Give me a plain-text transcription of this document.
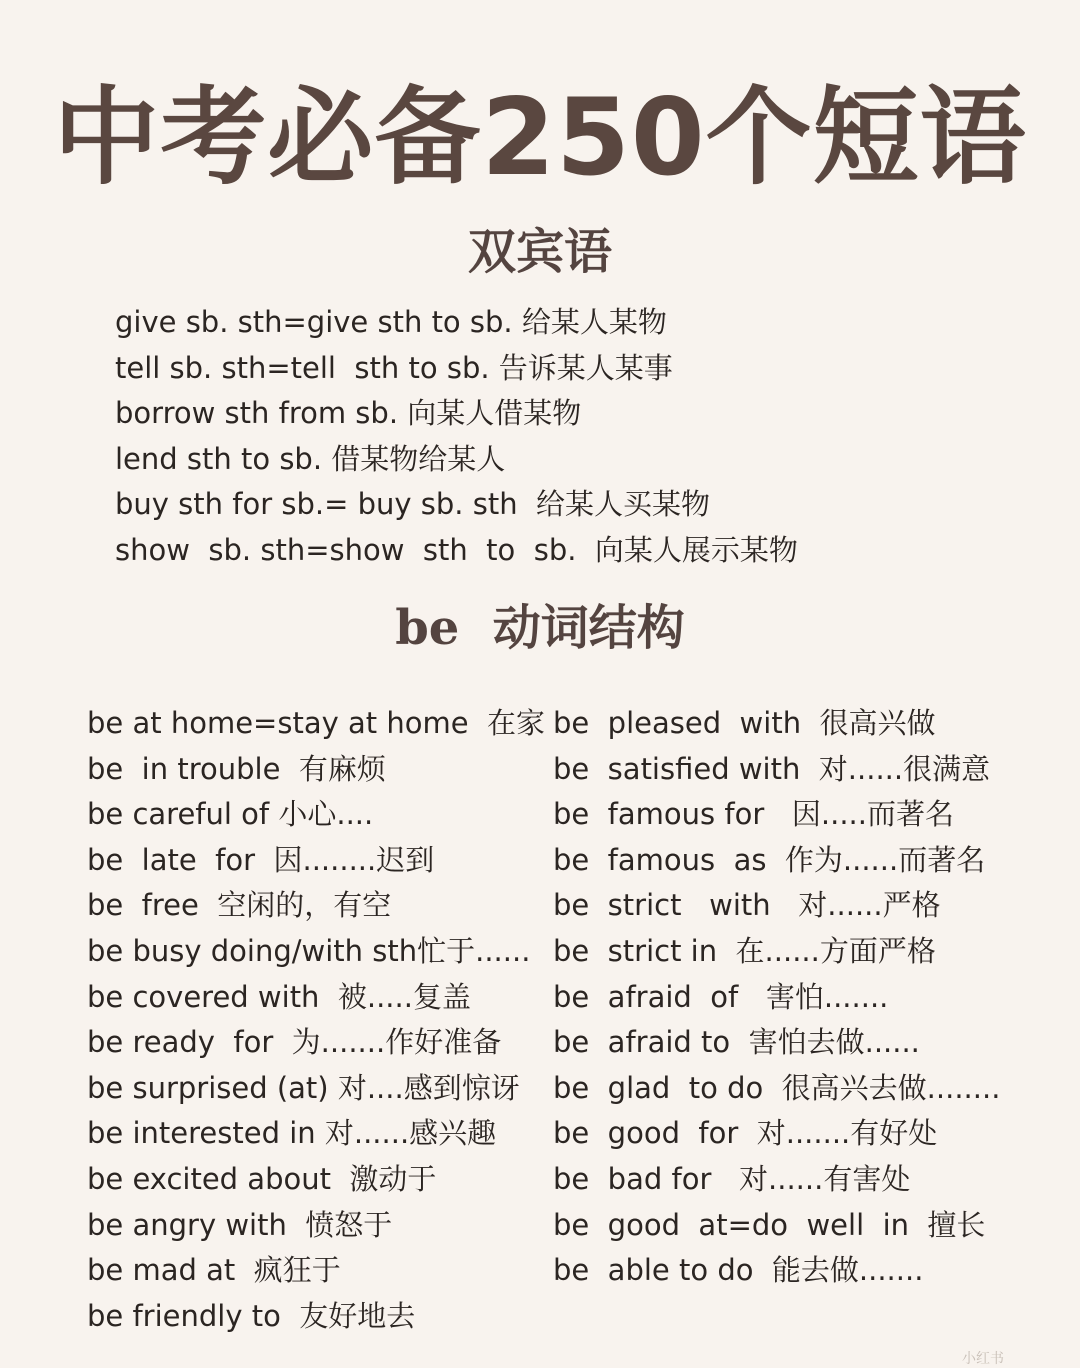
中考必备250个短语
双宾语
give sb. sth=give sth to sb. 给某人某物
tell sb. sth=tell  sth to sb. 告诉某人某事
borrow sth from sb. 向某人借某物
lend sth to sb. 借某物给某人
buy sth for sb.= buy sb. sth  给某人买某物
show  sb. sth=show  sth  to  sb.  向某人展示某物
be  动词结构
be at home=stay at home  在家
be  in trouble  有麻烦
be careful of 小心....
be  late  for  因........迟到
be  free  空闲的，有空
be busy doing/with sth忙于......
be covered with  被.....复盖
be ready  for  为.......作好准备
be surprised (at) 对....感到惊讶
be interested in 对......感兴趣
be excited about  激动于
be angry with  愤怒于
be mad at  疯狂于
be friendly to  友好地去
be  pleased  with  很高兴做
be  satisfied with  对......很满意
be  famous for   因.....而著名
be  famous  as  作为......而著名
be  strict   with   对......严格
be  strict in  在......方面严格
be  afraid  of   害怕.......
be  afraid to  害怕去做......
be  glad  to do  很高兴去做........
be  good  for  对.......有好处
be  bad for   对......有害处
be  good  at=do  well  in  擅长
be  able to do  能去做.......
小红书
